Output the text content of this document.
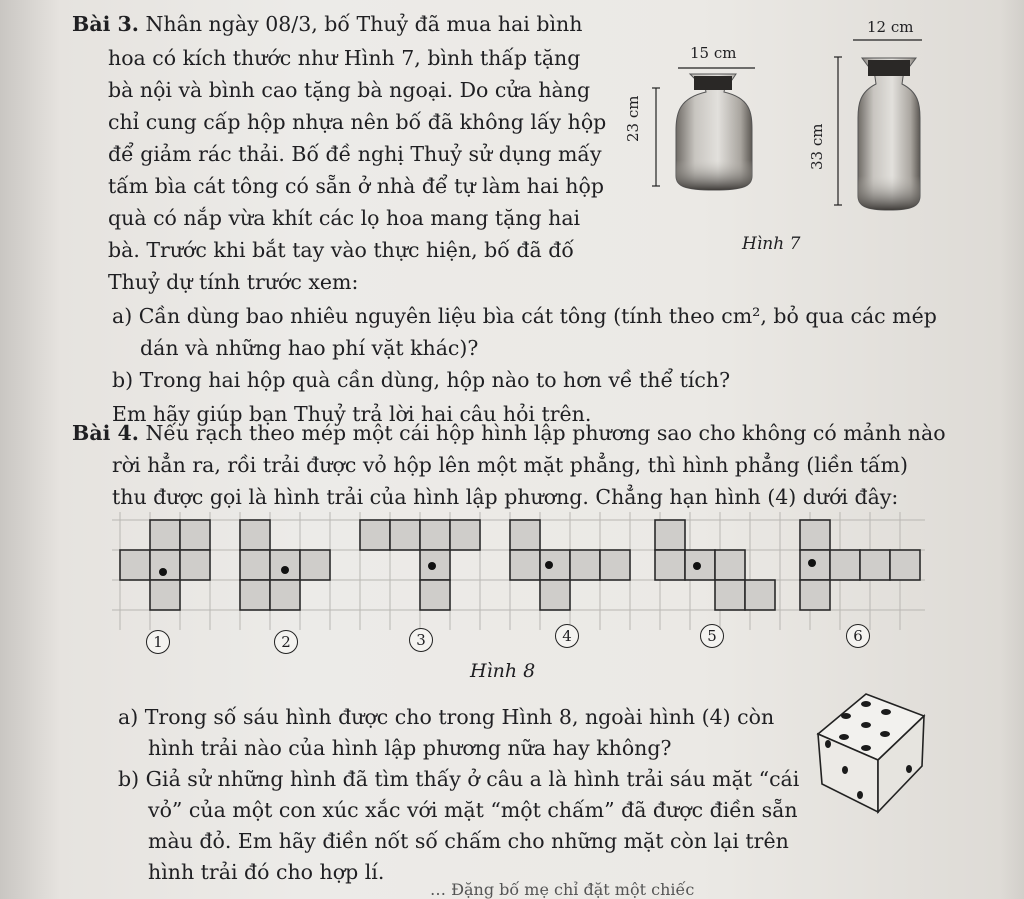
Bài 3. Nhân ngày 08/3, bố Thuỷ đã mua hai bình
hoa có kích thước như Hình 7, bình thấp tặng
bà nội và bình cao tặng bà ngoại. Do cửa hàng
chỉ cung cấp hộp nhựa nên bố đã không lấy hộp
để giảm rác thải. Bố đề nghị Thuỷ sử dụng mấy
tấm bìa cát tông có sẵn ở nhà để tự làm hai hộp
quà có nắp vừa khít các lọ hoa mang tặng hai
bà. Trước khi bắt tay vào thực hiện, bố đã đố
Thuỷ dự tính trước xem:
a) Cần dùng bao nhiêu nguyên liệu bìa cát tông (tính theo cm², bỏ qua các mép
dán và những hao phí vặt khác)?
b) Trong hai hộp quà cần dùng, hộp nào to hơn về thể tích?
Em hãy giúp bạn Thuỷ trả lời hai câu hỏi trên.
15 cm
23 cm
12 cm
33 cm
Hình 7
Bài 4. Nếu rạch theo mép một cái hộp hình lập phương sao cho không có mảnh nào
rời hẳn ra, rồi trải được vỏ hộp lên một mặt phẳng, thì hình phẳng (liền tấm)
thu được gọi là hình trải của hình lập phương. Chẳng hạn hình (4) dưới đây:
1	2	3	4	5	6
Hình 8
a) Trong số sáu hình được cho trong Hình 8, ngoài hình (4) còn
hình trải nào của hình lập phương nữa hay không?
b) Giả sử những hình đã tìm thấy ở câu a là hình trải sáu mặt “cái
vỏ” của một con xúc xắc với mặt “một chấm” đã được điền sẵn
màu đỏ. Em hãy điền nốt số chấm cho những mặt còn lại trên
hình trải đó cho hợp lí.
… Đặng bố mẹ chỉ đặt một chiếc
